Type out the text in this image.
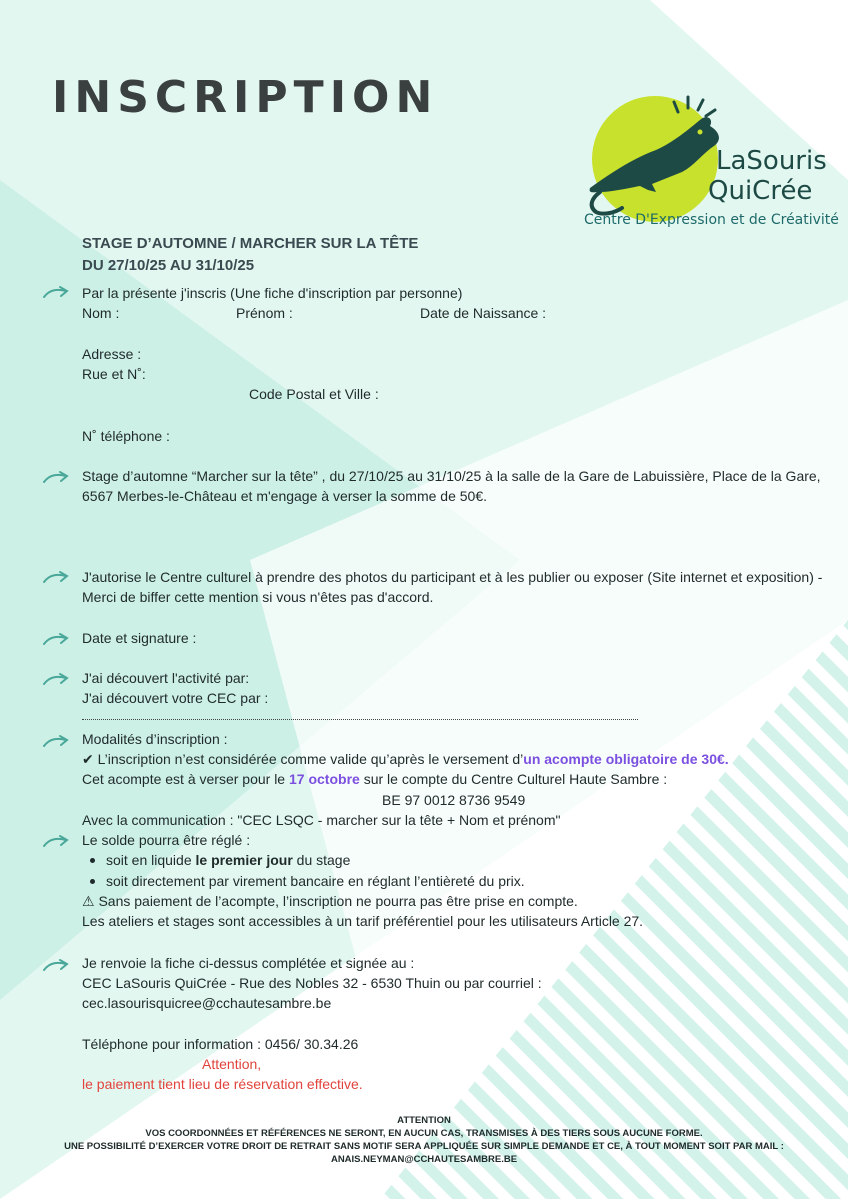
INSCRIPTION

LaSouris

QuiCrée

Centre D'Expression et de Créativité

STAGE D’AUTOMNE / MARCHER SUR LA TÊTE

DU 27/10/25 AU 31/10/25

Par la présente j'inscris (Une fiche d'inscription par personne)

Nom :	Prénom :	Date de Naissance :

Adresse :

Rue et N˚:

Code Postal et Ville :

N˚ téléphone :

Stage d’automne “Marcher sur la tête” , du 27/10/25 au 31/10/25 à la salle de la Gare de Labuissière, Place de la Gare, 6567 Merbes-le-Château et m'engage à verser la somme de 50€.

J'autorise le Centre culturel à prendre des photos du participant et à les publier ou exposer (Site internet et exposition) - Merci de biffer cette mention si vous n'êtes pas d'accord.

Date et signature :

J'ai découvert l'activité par:

J'ai découvert votre CEC par :

Modalités d’inscription :

✔ L’inscription n’est considérée comme valide qu’après le versement d’un acompte obligatoire de 30€.

Cet acompte est à verser pour le 17 octobre sur le compte du Centre Culturel Haute Sambre :

BE 97 0012 8736 9549

Avec la communication : "CEC LSQC - marcher sur la tête + Nom et prénom"

Le solde pourra être réglé :

soit en liquide le premier jour du stage

soit directement par virement bancaire en réglant l’entièreté du prix.

⚠ Sans paiement de l’acompte, l’inscription ne pourra pas être prise en compte.

Les ateliers et stages sont accessibles à un tarif préférentiel pour les utilisateurs Article 27.

Je renvoie la fiche ci-dessus complétée et signée au :

CEC LaSouris QuiCrée - Rue des Nobles 32 - 6530 Thuin ou par courriel :

cec.lasourisquicree@cchautesambre.be

Téléphone pour information : 0456/ 30.34.26

Attention,

le paiement tient lieu de réservation effective.

ATTENTION

VOS COORDONNÉES ET RÉFÉRENCES NE SERONT, EN AUCUN CAS, TRANSMISES À DES TIERS SOUS AUCUNE FORME.

UNE POSSIBILITÉ D’EXERCER VOTRE DROIT DE RETRAIT SANS MOTIF SERA APPLIQUÉE SUR SIMPLE DEMANDE ET CE, À TOUT MOMENT SOIT PAR MAIL :

ANAIS.NEYMAN@CCHAUTESAMBRE.BE
